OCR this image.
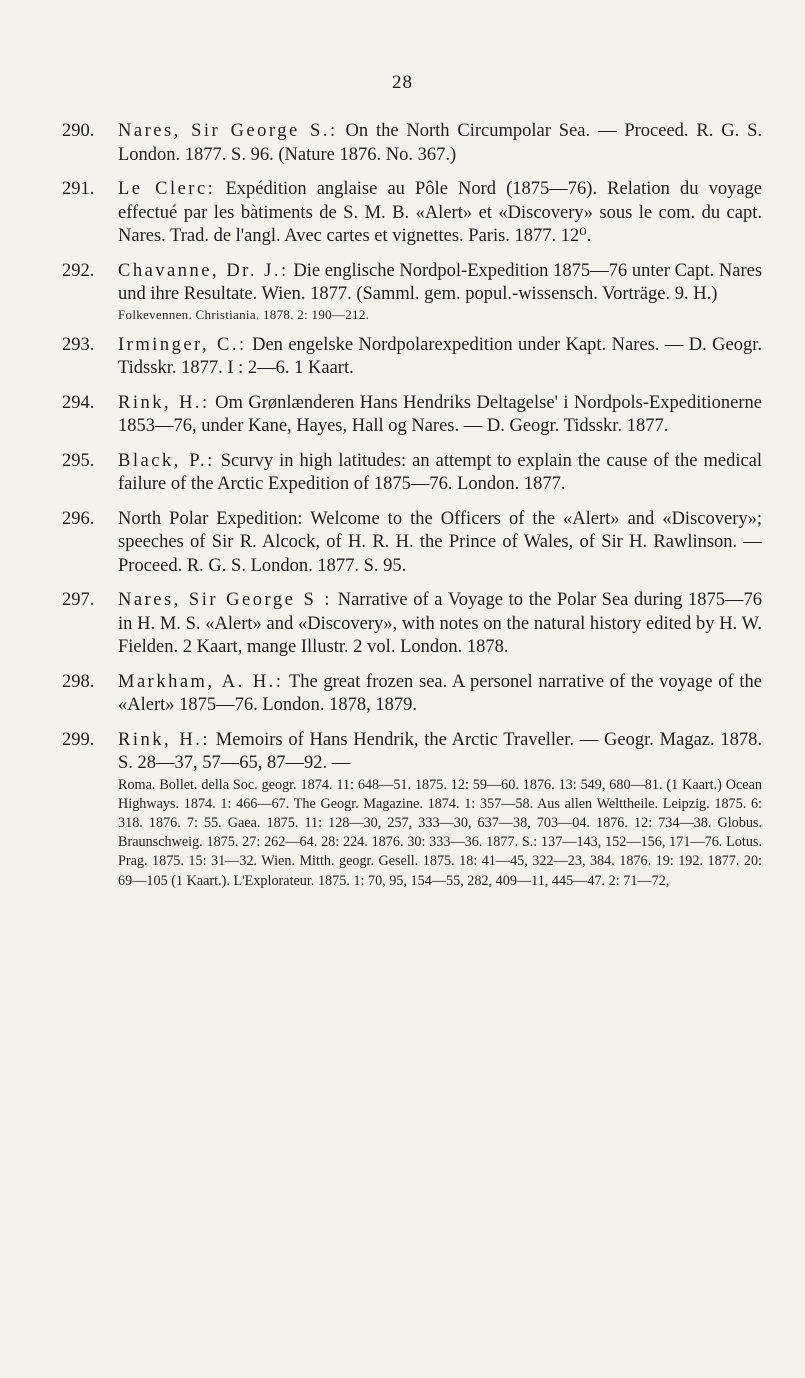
28
290.	Nares, Sir George S.: On the North Circumpolar Sea. — Proceed. R. G. S. London. 1877. S. 96. (Nature 1876. No. 367.)
291.	Le Clerc: Expédition anglaise au Pôle Nord (1875—76). Relation du voyage effectué par les bàtiments de S. M. B. «Alert» et «Discovery» sous le com. du capt. Nares. Trad. de l'angl. Avec cartes et vignettes. Paris. 1877. 12⁰.
292.	Chavanne, Dr. J.: Die englische Nordpol-Expedition 1875—76 unter Capt. Nares und ihre Resultate. Wien. 1877. (Samml. gem. popul.-wissensch. Vorträge. 9. H.)
Folkevennen. Christiania. 1878. 2: 190—212.
293.	Irminger, C.: Den engelske Nordpolarexpedition under Kapt. Nares. — D. Geogr. Tidsskr. 1877. I : 2—6. 1 Kaart.
294.	Rink, H.: Om Grønlænderen Hans Hendriks Deltagelse' i Nordpols-Expeditionerne 1853—76, under Kane, Hayes, Hall og Nares. — D. Geogr. Tidsskr. 1877.
295.	Black, P.: Scurvy in high latitudes: an attempt to explain the cause of the medical failure of the Arctic Expedition of 1875—76. London. 1877.
296.	North Polar Expedition: Welcome to the Officers of the «Alert» and «Discovery»; speeches of Sir R. Alcock, of H. R. H. the Prince of Wales, of Sir H. Rawlinson. — Proceed. R. G. S. London. 1877. S. 95.
297.	Nares, Sir George S : Narrative of a Voyage to the Polar Sea during 1875—76 in H. M. S. «Alert» and «Discovery», with notes on the natural history edited by H. W. Fielden. 2 Kaart, mange Illustr. 2 vol. London. 1878.
298.	Markham, A. H.: The great frozen sea. A personel narrative of the voyage of the «Alert» 1875—76. London. 1878, 1879.
299.	Rink, H.: Memoirs of Hans Hendrik, the Arctic Traveller. — Geogr. Magaz. 1878. S. 28—37, 57—65, 87—92. —
Roma. Bollet. della Soc. geogr. 1874. 11: 648—51. 1875. 12: 59—60. 1876. 13: 549, 680—81. (1 Kaart.) Ocean Highways. 1874. 1: 466—67. The Geogr. Magazine. 1874. 1: 357—58. Aus allen Welttheile. Leipzig. 1875. 6: 318. 1876. 7: 55. Gaea. 1875. 11: 128—30, 257, 333—30, 637—38, 703—04. 1876. 12: 734—38. Globus. Braunschweig. 1875. 27: 262—64. 28: 224. 1876. 30: 333—36. 1877. S.: 137—143, 152—156, 171—76. Lotus. Prag. 1875. 15: 31—32. Wien. Mitth. geogr. Gesell. 1875. 18: 41—45, 322—23, 384. 1876. 19: 192. 1877. 20: 69—105 (1 Kaart.). L'Explorateur. 1875. 1: 70, 95, 154—55, 282, 409—11, 445—47. 2: 71—72,
